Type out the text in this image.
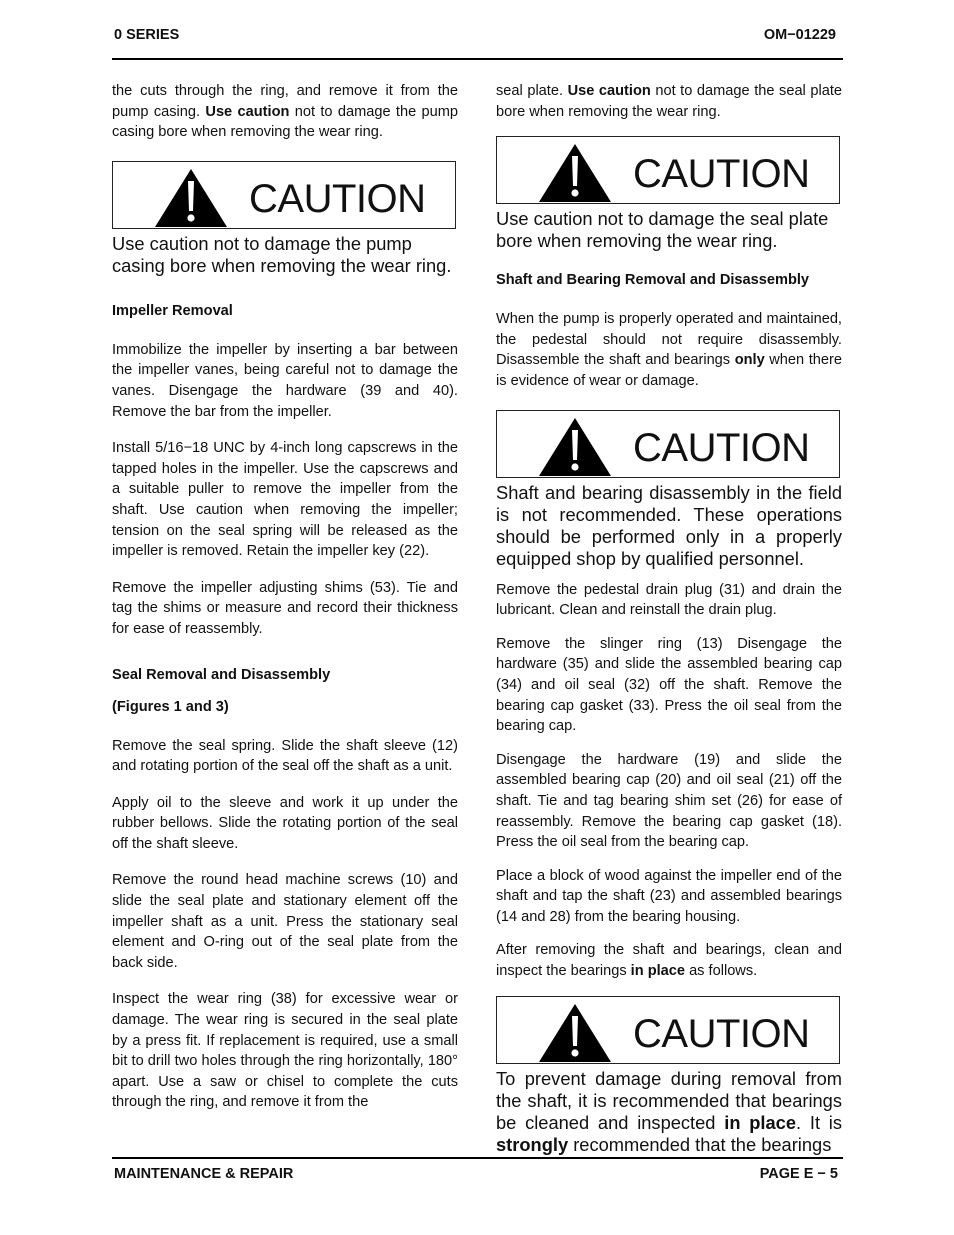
0 SERIES	OM−01229

the cuts through the ring, and remove it from the pump casing. Use caution not to damage the pump casing bore when removing the wear ring.

CAUTION

Use caution not to damage the pump casing bore when removing the wear ring.

Impeller Removal

Immobilize the impeller by inserting a bar between the impeller vanes, being careful not to damage the vanes. Disengage the hardware (39 and 40). Remove the bar from the impeller.

Install 5/16−18 UNC by 4-inch long capscrews in the tapped holes in the impeller. Use the capscrews and a suitable puller to remove the impeller from the shaft. Use caution when removing the impeller; tension on the seal spring will be released as the impeller is removed. Retain the impeller key (22).

Remove the impeller adjusting shims (53). Tie and tag the shims or measure and record their thickness for ease of reassembly.

Seal Removal and Disassembly
(Figures 1 and 3)

Remove the seal spring. Slide the shaft sleeve (12) and rotating portion of the seal off the shaft as a unit.

Apply oil to the sleeve and work it up under the rubber bellows. Slide the rotating portion of the seal off the shaft sleeve.

Remove the round head machine screws (10) and slide the seal plate and stationary element off the impeller shaft as a unit. Press the stationary seal element and O-ring out of the seal plate from the back side.

Inspect the wear ring (38) for excessive wear or damage. The wear ring is secured in the seal plate by a press fit. If replacement is required, use a small bit to drill two holes through the ring horizontally, 180° apart. Use a saw or chisel to complete the cuts through the ring, and remove it from the

seal plate. Use caution not to damage the seal plate bore when removing the wear ring.

CAUTION

Use caution not to damage the seal plate bore when removing the wear ring.

Shaft and Bearing Removal and Disassembly

When the pump is properly operated and maintained, the pedestal should not require disassembly. Disassemble the shaft and bearings only when there is evidence of wear or damage.

CAUTION

Shaft and bearing disassembly in the field is not recommended. These operations should be performed only in a properly equipped shop by qualified personnel.

Remove the pedestal drain plug (31) and drain the lubricant. Clean and reinstall the drain plug.

Remove the slinger ring (13) Disengage the hardware (35) and slide the assembled bearing cap (34) and oil seal (32) off the shaft. Remove the bearing cap gasket (33). Press the oil seal from the bearing cap.

Disengage the hardware (19) and slide the assembled bearing cap (20) and oil seal (21) off the shaft. Tie and tag bearing shim set (26) for ease of reassembly. Remove the bearing cap gasket (18). Press the oil seal from the bearing cap.

Place a block of wood against the impeller end of the shaft and tap the shaft (23) and assembled bearings (14 and 28) from the bearing housing.

After removing the shaft and bearings, clean and inspect the bearings in place as follows.

CAUTION

To prevent damage during removal from the shaft, it is recommended that bearings be cleaned and inspected in place. It is strongly recommended that the bearings

MAINTENANCE & REPAIR	PAGE E − 5
